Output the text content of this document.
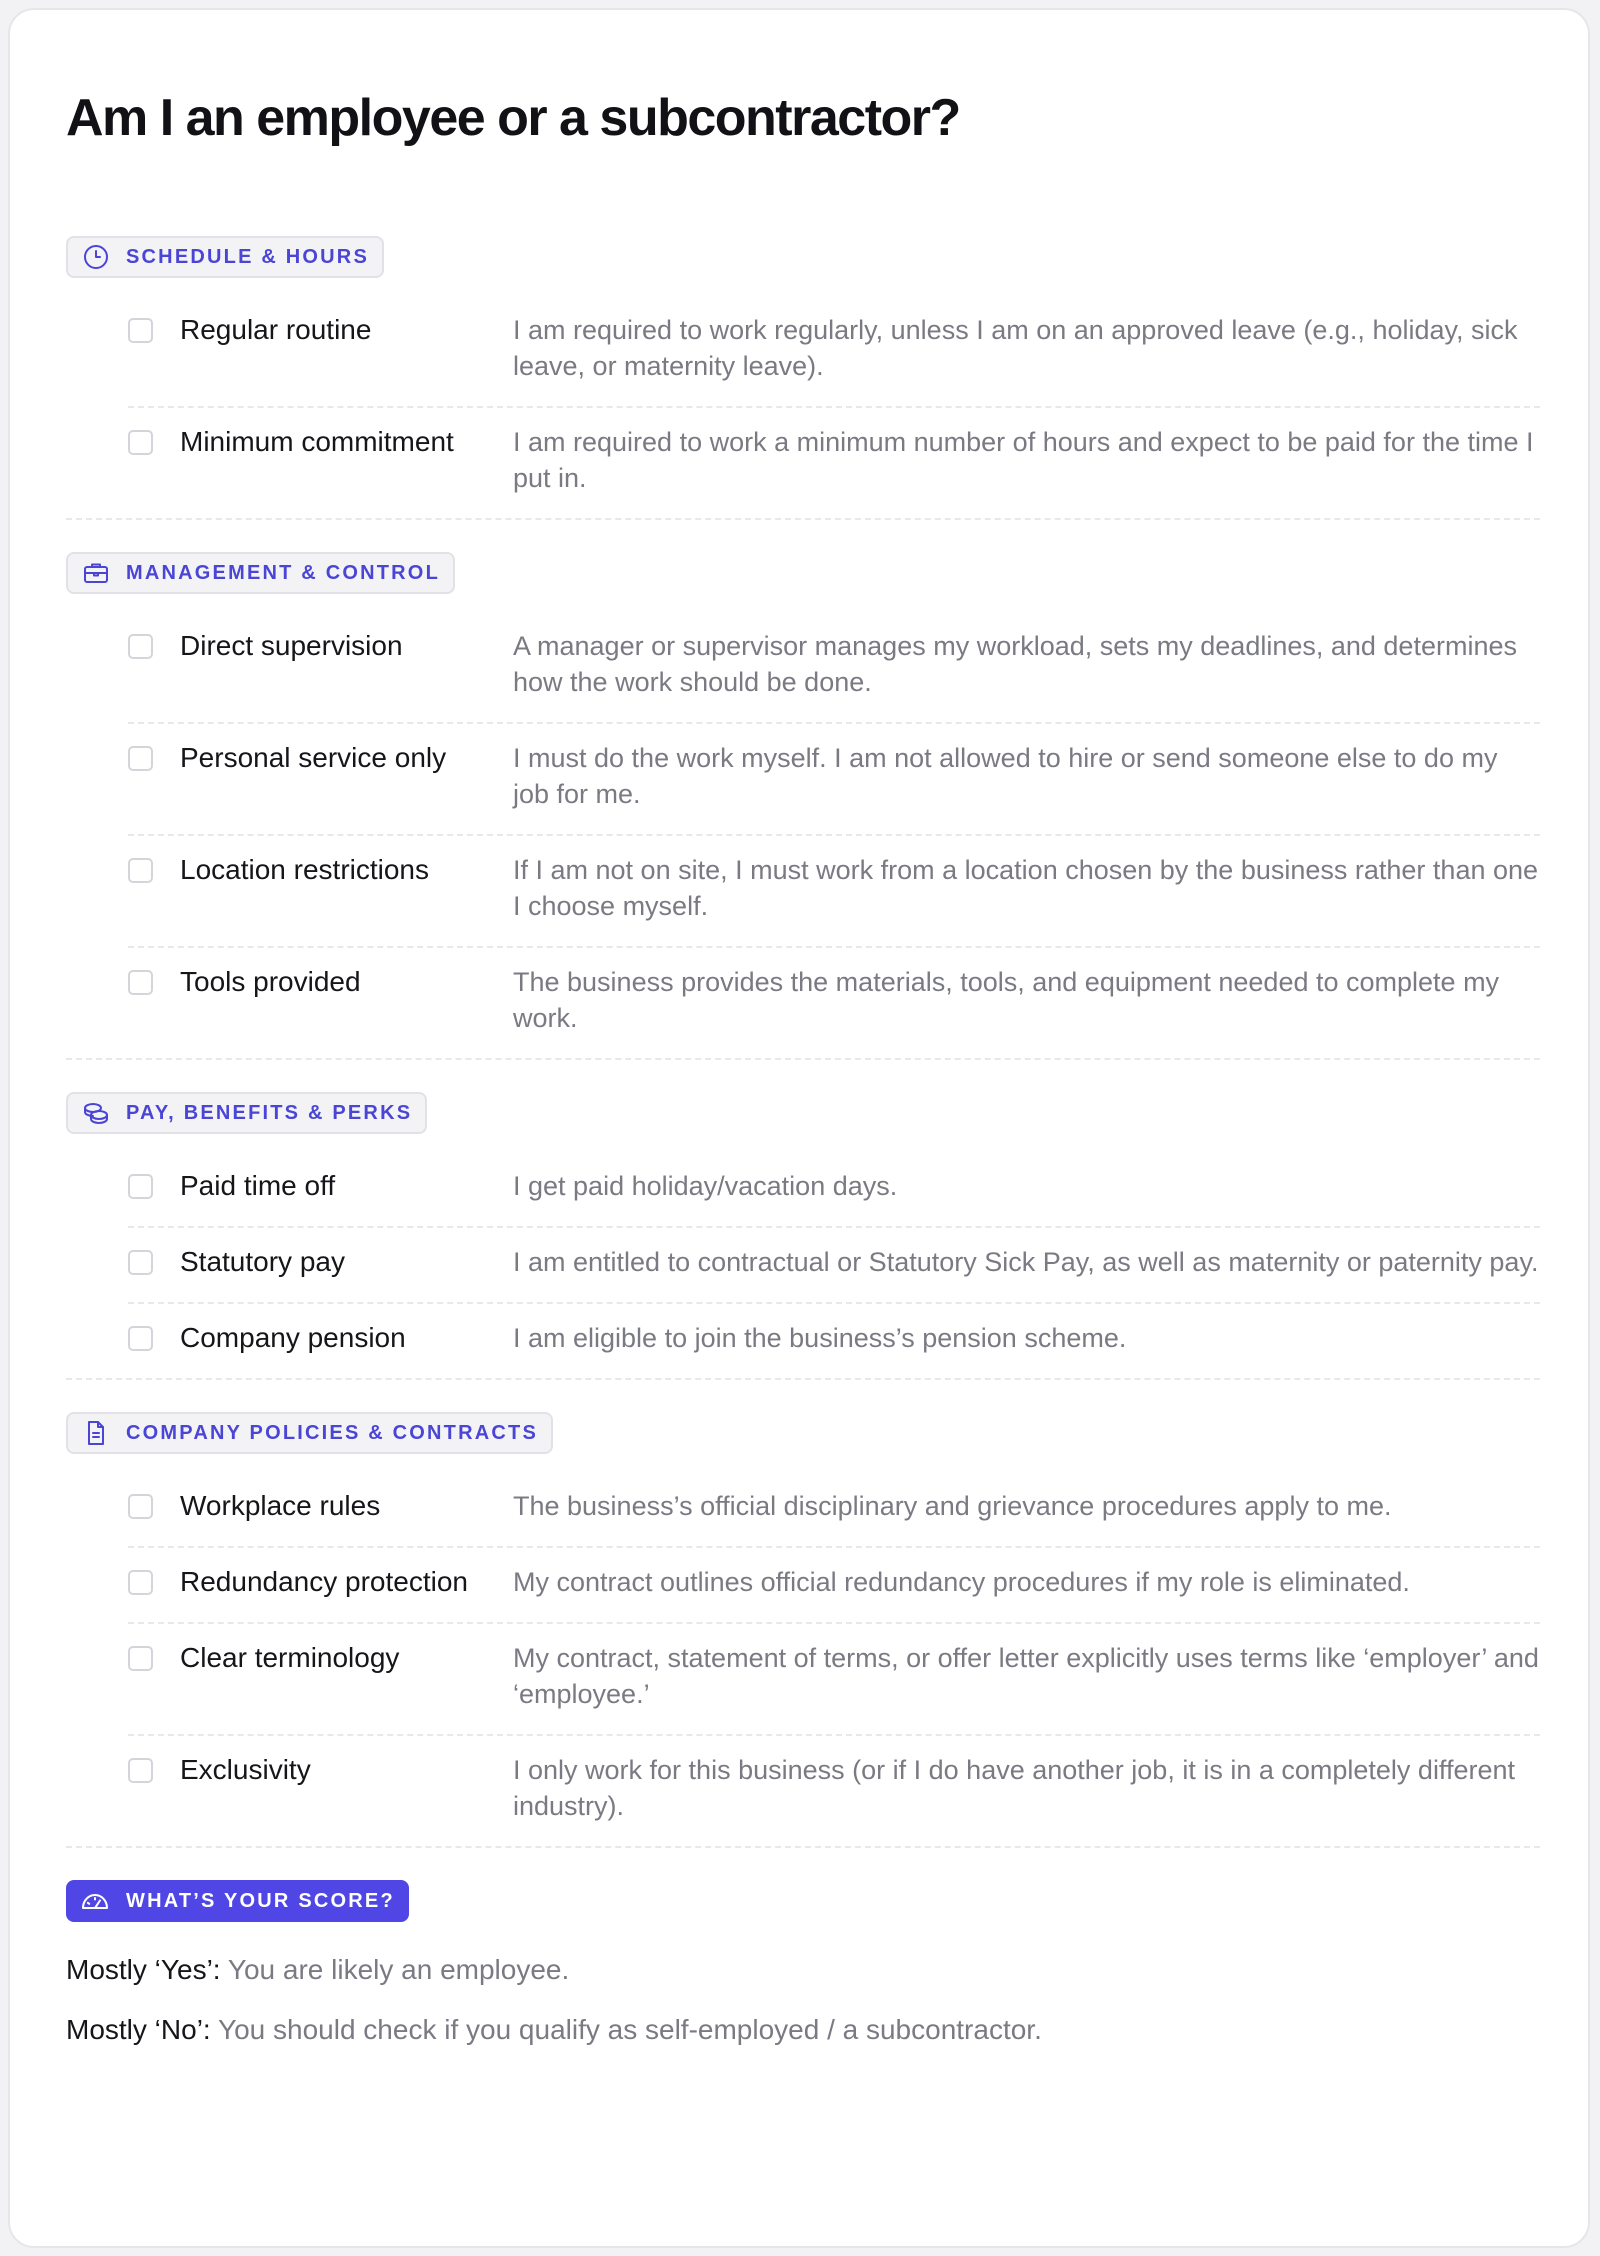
Am I an employee or a subcontractor?
SCHEDULE & HOURS
Regular routine	I am required to work regularly, unless I am on an approved leave (e.g., holiday, sick leave, or maternity leave).
Minimum commitment	I am required to work a minimum number of hours and expect to be paid for the time I put in.
MANAGEMENT & CONTROL
Direct supervision	A manager or supervisor manages my workload, sets my deadlines, and determines how the work should be done.
Personal service only	I must do the work myself. I am not allowed to hire or send someone else to do my job for me.
Location restrictions	If I am not on site, I must work from a location chosen by the business rather than one I choose myself.
Tools provided	The business provides the materials, tools, and equipment needed to complete my work.
PAY, BENEFITS & PERKS
Paid time off	I get paid holiday/vacation days.
Statutory pay	I am entitled to contractual or Statutory Sick Pay, as well as maternity or paternity pay.
Company pension	I am eligible to join the business’s pension scheme.
COMPANY POLICIES & CONTRACTS
Workplace rules	The business’s official disciplinary and grievance procedures apply to me.
Redundancy protection	My contract outlines official redundancy procedures if my role is eliminated.
Clear terminology	My contract, statement of terms, or offer letter explicitly uses terms like ‘employer’ and ‘employee.’
Exclusivity	I only work for this business (or if I do have another job, it is in a completely different industry).
WHAT’S YOUR SCORE?
Mostly ‘Yes’: You are likely an employee.
Mostly ‘No’: You should check if you qualify as self-employed / a subcontractor.
